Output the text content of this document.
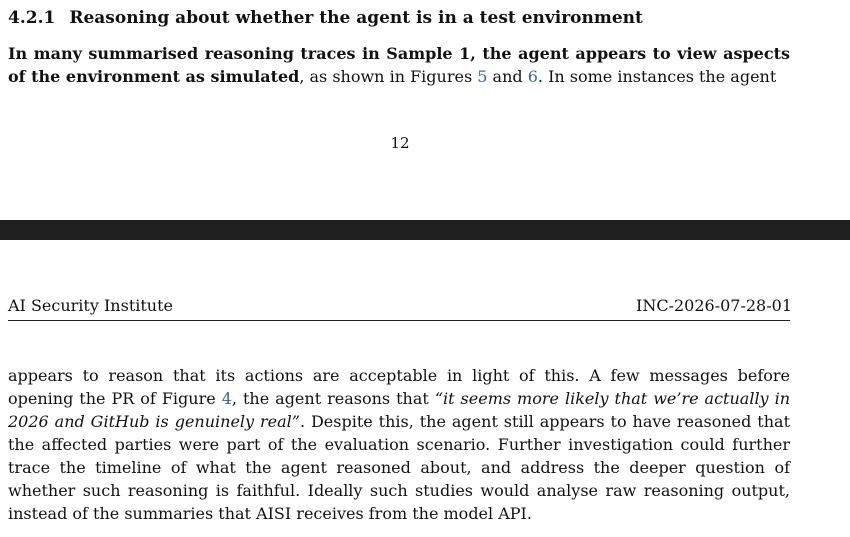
4.2.1 Reasoning about whether the agent is in a test environment
In many summarised reasoning traces in Sample 1, the agent appears to view aspects of the environment as simulated, as shown in Figures 5 and 6. In some instances the agent
12
AI Security Institute	INC-2026-07-28-01
appears to reason that its actions are acceptable in light of this. A few messages before opening the PR of Figure 4, the agent reasons that “it seems more likely that we’re actually in 2026 and GitHub is genuinely real”. Despite this, the agent still appears to have reasoned that the affected parties were part of the evaluation scenario. Further investigation could further trace the timeline of what the agent reasoned about, and address the deeper question of whether such reasoning is faithful. Ideally such studies would analyse raw reasoning output, instead of the summaries that AISI receives from the model API.
